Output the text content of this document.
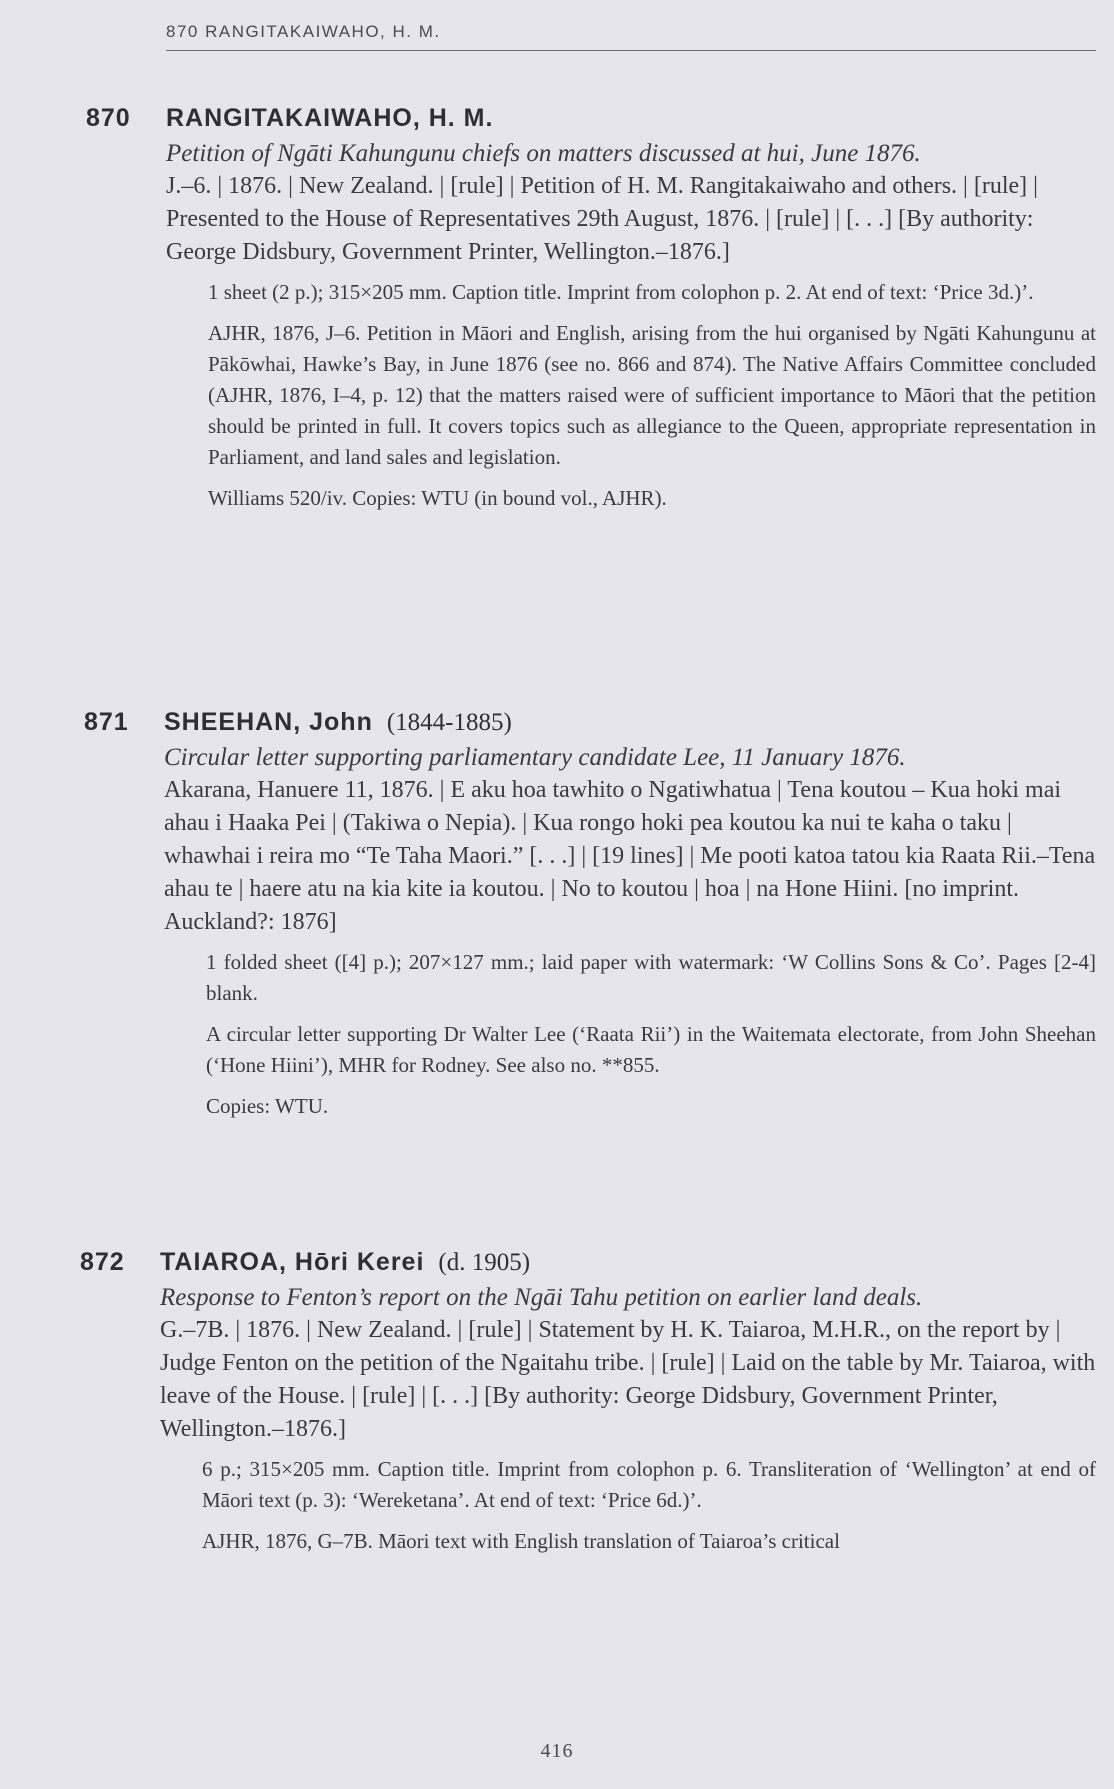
870 RANGITAKAIWAHO, H. M.
870	RANGITAKAIWAHO, H. M.
Petition of Ngāti Kahungunu chiefs on matters discussed at hui, June 1876.
J.–6. | 1876. | New Zealand. | [rule] | Petition of H. M. Rangitakaiwaho and others. | [rule] | Presented to the House of Representatives 29th August, 1876. | [rule] | [. . .] [By authority: George Didsbury, Government Printer, Wellington.–1876.]

1 sheet (2 p.); 315×205 mm. Caption title. Imprint from colophon p. 2. At end of text: ‘Price 3d.)’.

AJHR, 1876, J–6. Petition in Māori and English, arising from the hui organised by Ngāti Kahungunu at Pākōwhai, Hawke’s Bay, in June 1876 (see no. 866 and 874). The Native Affairs Committee concluded (AJHR, 1876, I–4, p. 12) that the matters raised were of sufficient importance to Māori that the petition should be printed in full. It covers topics such as allegiance to the Queen, appropriate representation in Parliament, and land sales and legislation.

Williams 520/iv. Copies: WTU (in bound vol., AJHR).

871	SHEEHAN, John (1844-1885)
Circular letter supporting parliamentary candidate Lee, 11 January 1876.
Akarana, Hanuere 11, 1876. | E aku hoa tawhito o Ngatiwhatua | Tena koutou – Kua hoki mai ahau i Haaka Pei | (Takiwa o Nepia). | Kua rongo hoki pea koutou ka nui te kaha o taku | whawhai i reira mo “Te Taha Maori.” [. . .] | [19 lines] | Me pooti katoa tatou kia Raata Rii.–Tena ahau te | haere atu na kia kite ia koutou. | No to koutou | hoa | na Hone Hiini. [no imprint. Auckland?: 1876]

1 folded sheet ([4] p.); 207×127 mm.; laid paper with watermark: ‘W Collins Sons & Co’. Pages [2-4] blank.

A circular letter supporting Dr Walter Lee (‘Raata Rii’) in the Waitemata electorate, from John Sheehan (‘Hone Hiini’), MHR for Rodney. See also no. **855.

Copies: WTU.

872	TAIAROA, Hōri Kerei (d. 1905)
Response to Fenton’s report on the Ngāi Tahu petition on earlier land deals.
G.–7B. | 1876. | New Zealand. | [rule] | Statement by H. K. Taiaroa, M.H.R., on the report by | Judge Fenton on the petition of the Ngaitahu tribe. | [rule] | Laid on the table by Mr. Taiaroa, with leave of the House. | [rule] | [. . .] [By authority: George Didsbury, Government Printer, Wellington.–1876.]

6 p.; 315×205 mm. Caption title. Imprint from colophon p. 6. Transliteration of ‘Wellington’ at end of Māori text (p. 3): ‘Wereketana’. At end of text: ‘Price 6d.)’.

AJHR, 1876, G–7B. Māori text with English translation of Taiaroa’s critical

416
